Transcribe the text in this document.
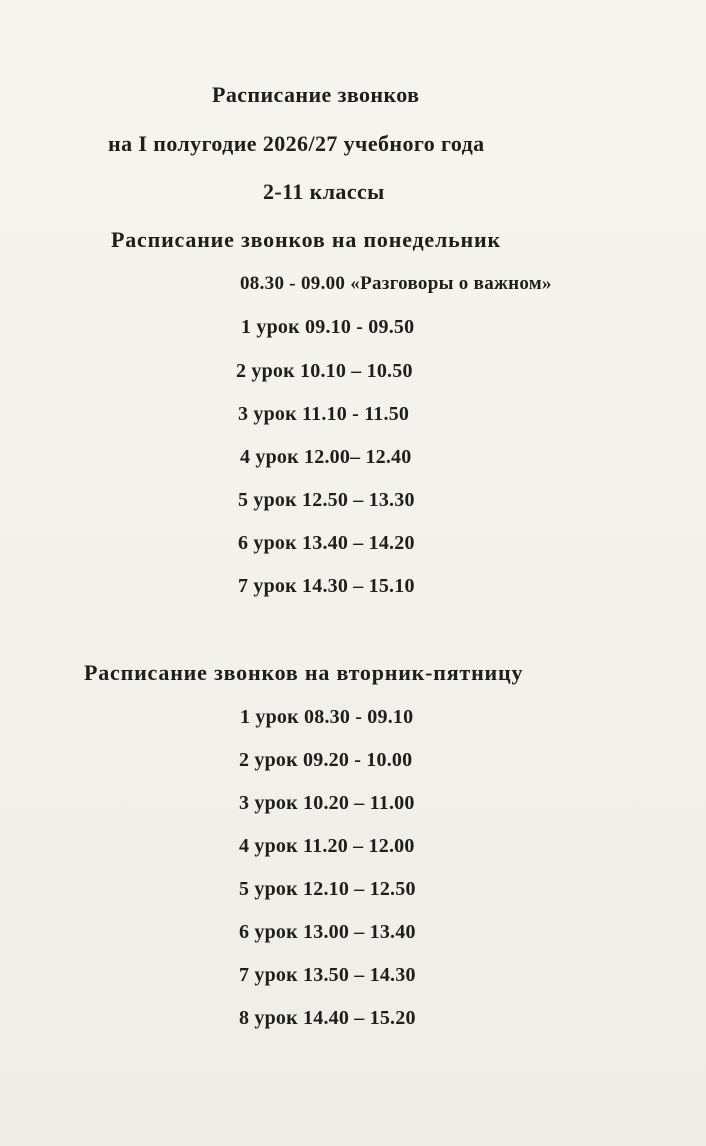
Расписание звонков
на I полугодие 2026/27 учебного года
2-11 классы
Расписание звонков на понедельник
08.30 - 09.00 «Разговоры о важном»
1 урок 09.10 - 09.50
2 урок 10.10 – 10.50
3 урок 11.10 - 11.50
4 урок 12.00– 12.40
5 урок 12.50 – 13.30
6 урок 13.40 – 14.20
7 урок 14.30 – 15.10
Расписание звонков на вторник-пятницу
1 урок 08.30 - 09.10
2 урок 09.20 - 10.00
3 урок 10.20 – 11.00
4 урок 11.20 – 12.00
5 урок 12.10 – 12.50
6 урок 13.00 – 13.40
7 урок 13.50 – 14.30
8 урок 14.40 – 15.20
